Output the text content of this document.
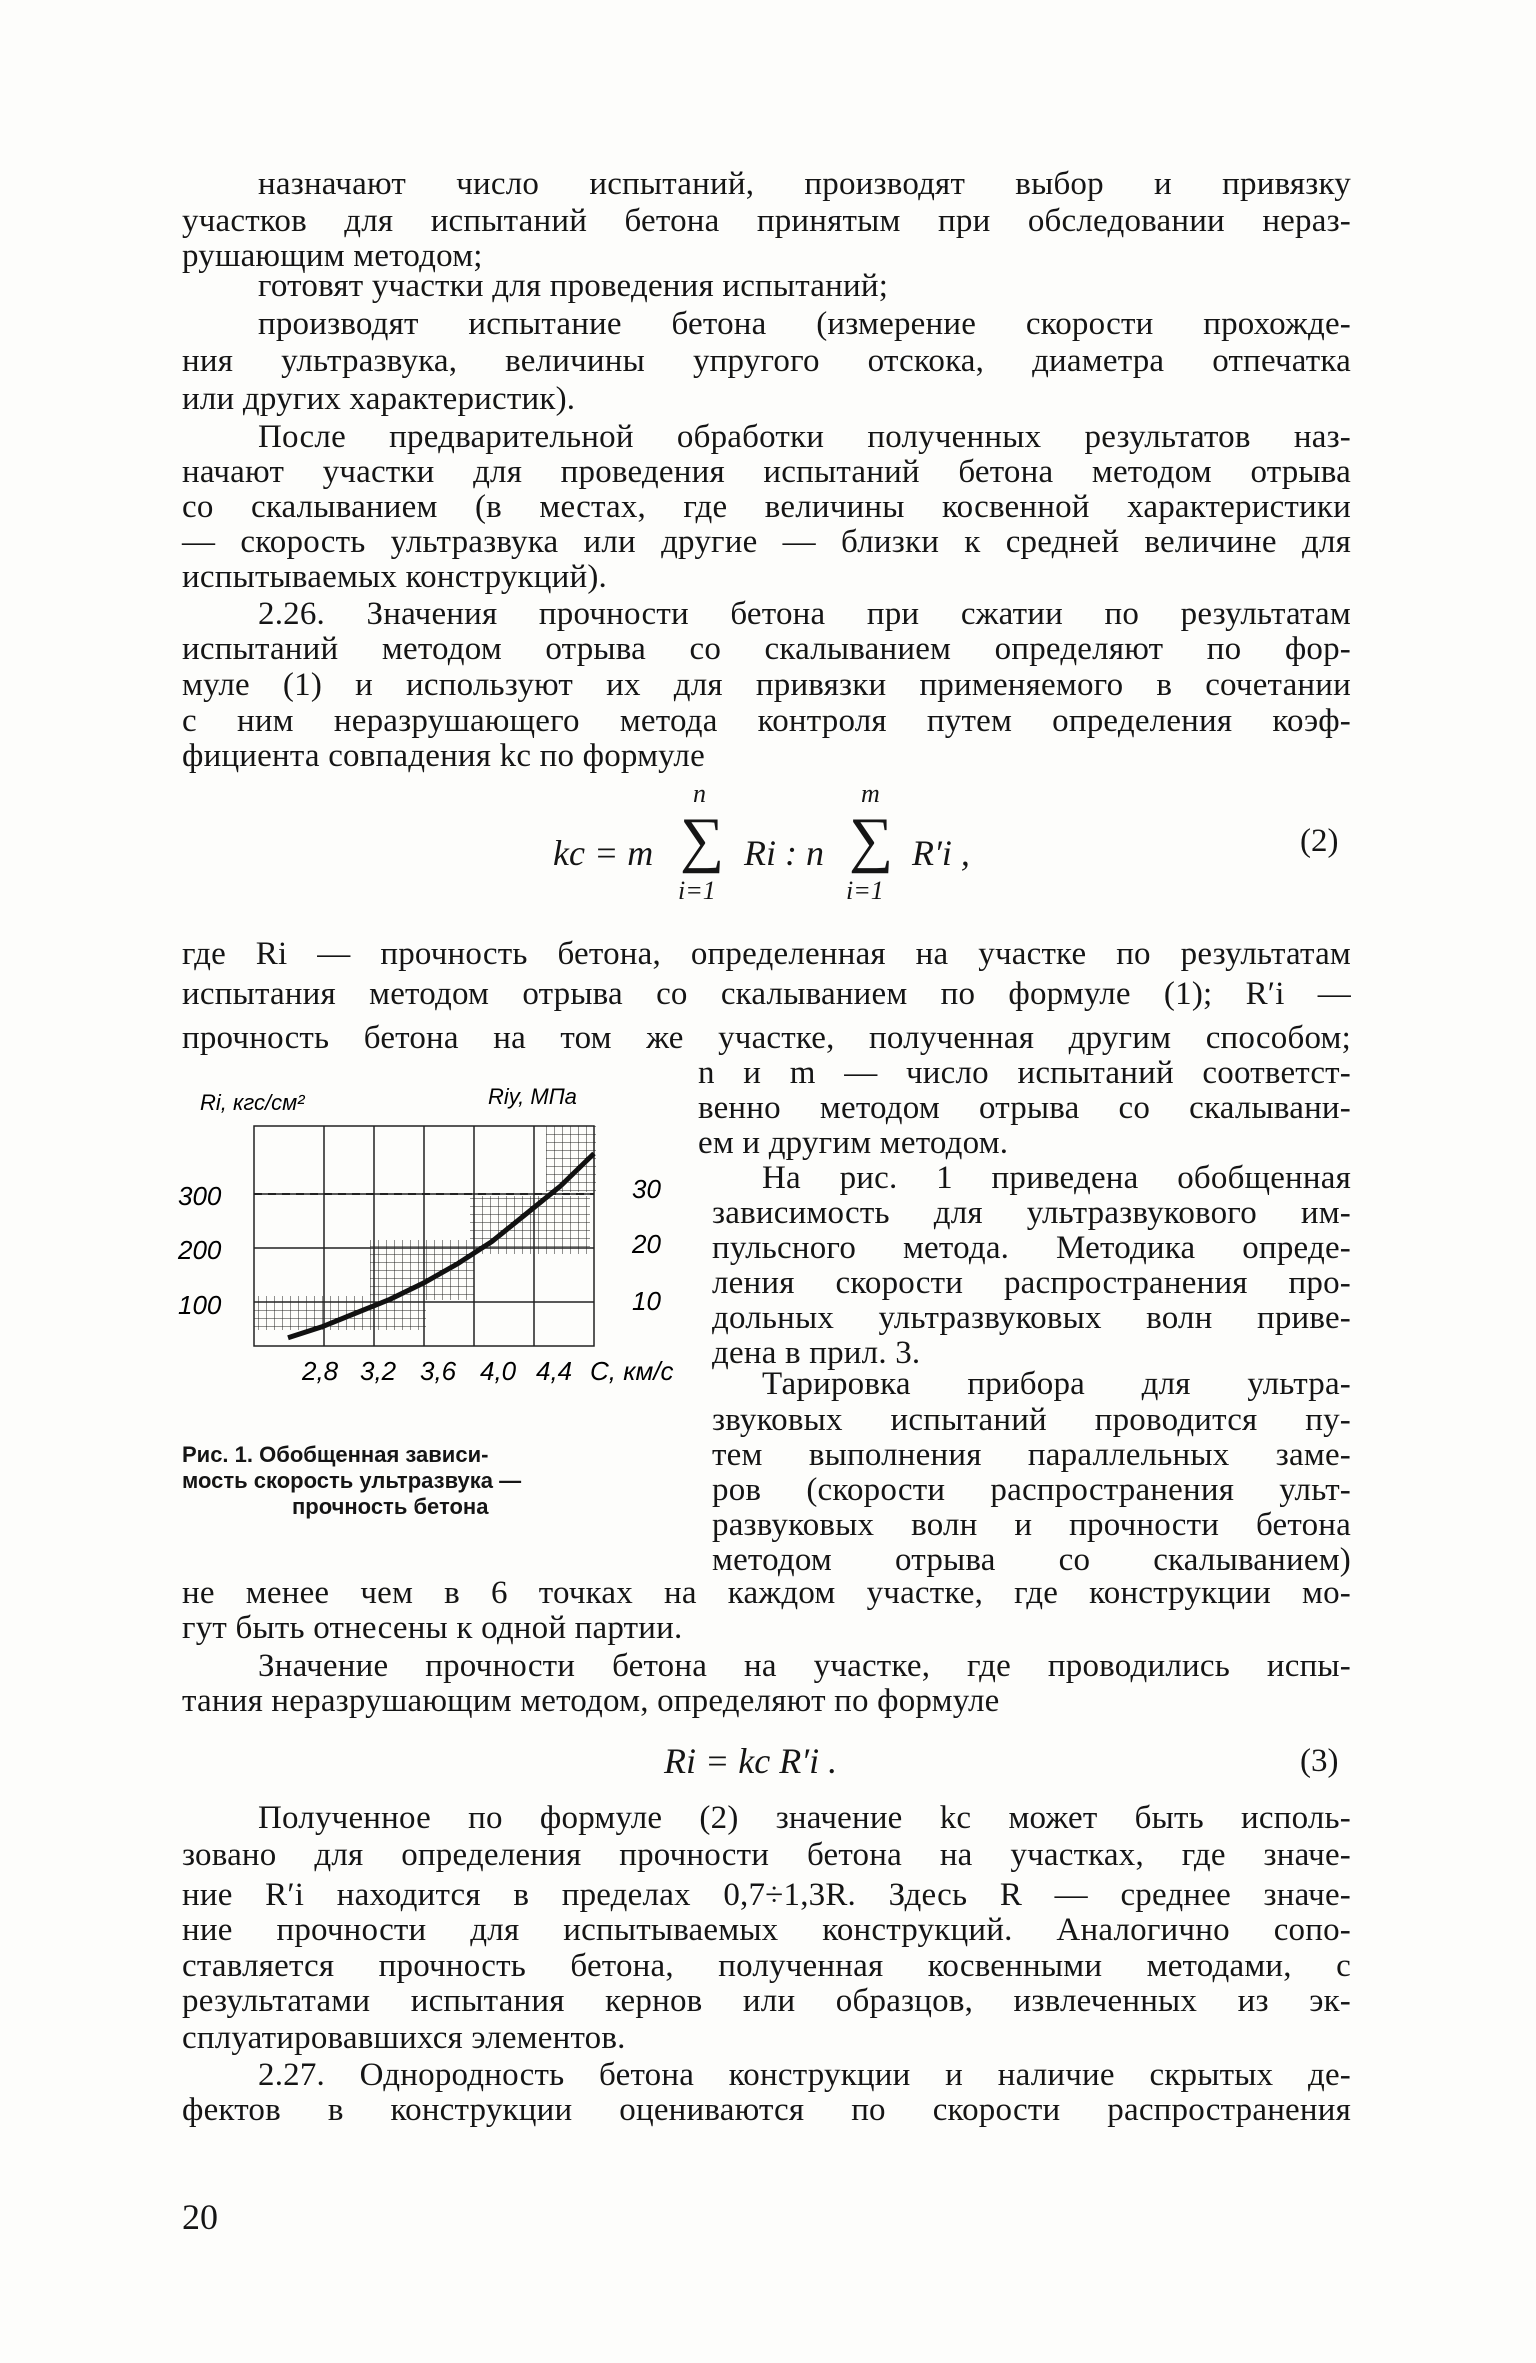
назначают число испытаний, производят выбор и привязку
участков для испытаний бетона принятым при обследовании нераз-
рушающим методом;
готовят участки для проведения испытаний;
производят испытание бетона (измерение скорости прохожде-
ния ультразвука, величины упругого отскока, диаметра отпечатка
или других характеристик).
После предварительной обработки полученных результатов наз-
начают участки для проведения испытаний бетона методом отрыва
со скалыванием (в местах, где величины косвенной характеристики
— скорость ультразвука или другие — близки к средней величине для
испытываемых конструкций).
2.26. Значения прочности бетона при сжатии по результатам
испытаний методом отрыва со скалыванием определяют по фор-
муле (1) и используют их для привязки применяемого в сочетании
с ним неразрушающего метода контроля путем определения коэф-
фициента совпадения kс по формуле
kс = m
n
∑
i=1
Ri : n
m
∑
i=1
R′i ,	(2)
где Ri — прочность бетона, определенная на участке по результатам
испытания методом отрыва со скалыванием по формуле (1); R′i —
прочность бетона на том же участке, полученная другим способом;
n и m — число испытаний соответст-
венно методом отрыва со скалывани-
ем и другим методом.
На рис. 1 приведена обобщенная
зависимость для ультразвукового им-
пульсного метода. Методика опреде-
ления скорости распространения про-
дольных ультразвуковых волн приве-
дена в прил. 3.
Тарировка прибора для ультра-
звуковых испытаний проводится пу-
тем выполнения параллельных заме-
ров (скорости распространения ульт-
развуковых волн и прочности бетона
методом отрыва со скалыванием)
Ri, кгс/см²	Riy, МПа
300
200
100
30
20
10
2,8 3,2 3,6 4,0 4,4 C, км/с
Рис. 1. Обобщенная зависи-
мость скорость ультразвука —
прочность бетона
не менее чем в 6 точках на каждом участке, где конструкции мо-
гут быть отнесены к одной партии.
Значение прочности бетона на участке, где проводились испы-
тания неразрушающим методом, определяют по формуле
Ri = kс R′i .	(3)
Полученное по формуле (2) значение kс может быть исполь-
зовано для определения прочности бетона на участках, где значе-
ние R′i находится в пределах 0,7÷1,3R. Здесь R — среднее значе-
ние прочности для испытываемых конструкций. Аналогично сопо-
ставляется прочность бетона, полученная косвенными методами, с
результатами испытания кернов или образцов, извлеченных из эк-
сплуатировавшихся элементов.
2.27. Однородность бетона конструкции и наличие скрытых де-
фектов в конструкции оцениваются по скорости распространения
20
